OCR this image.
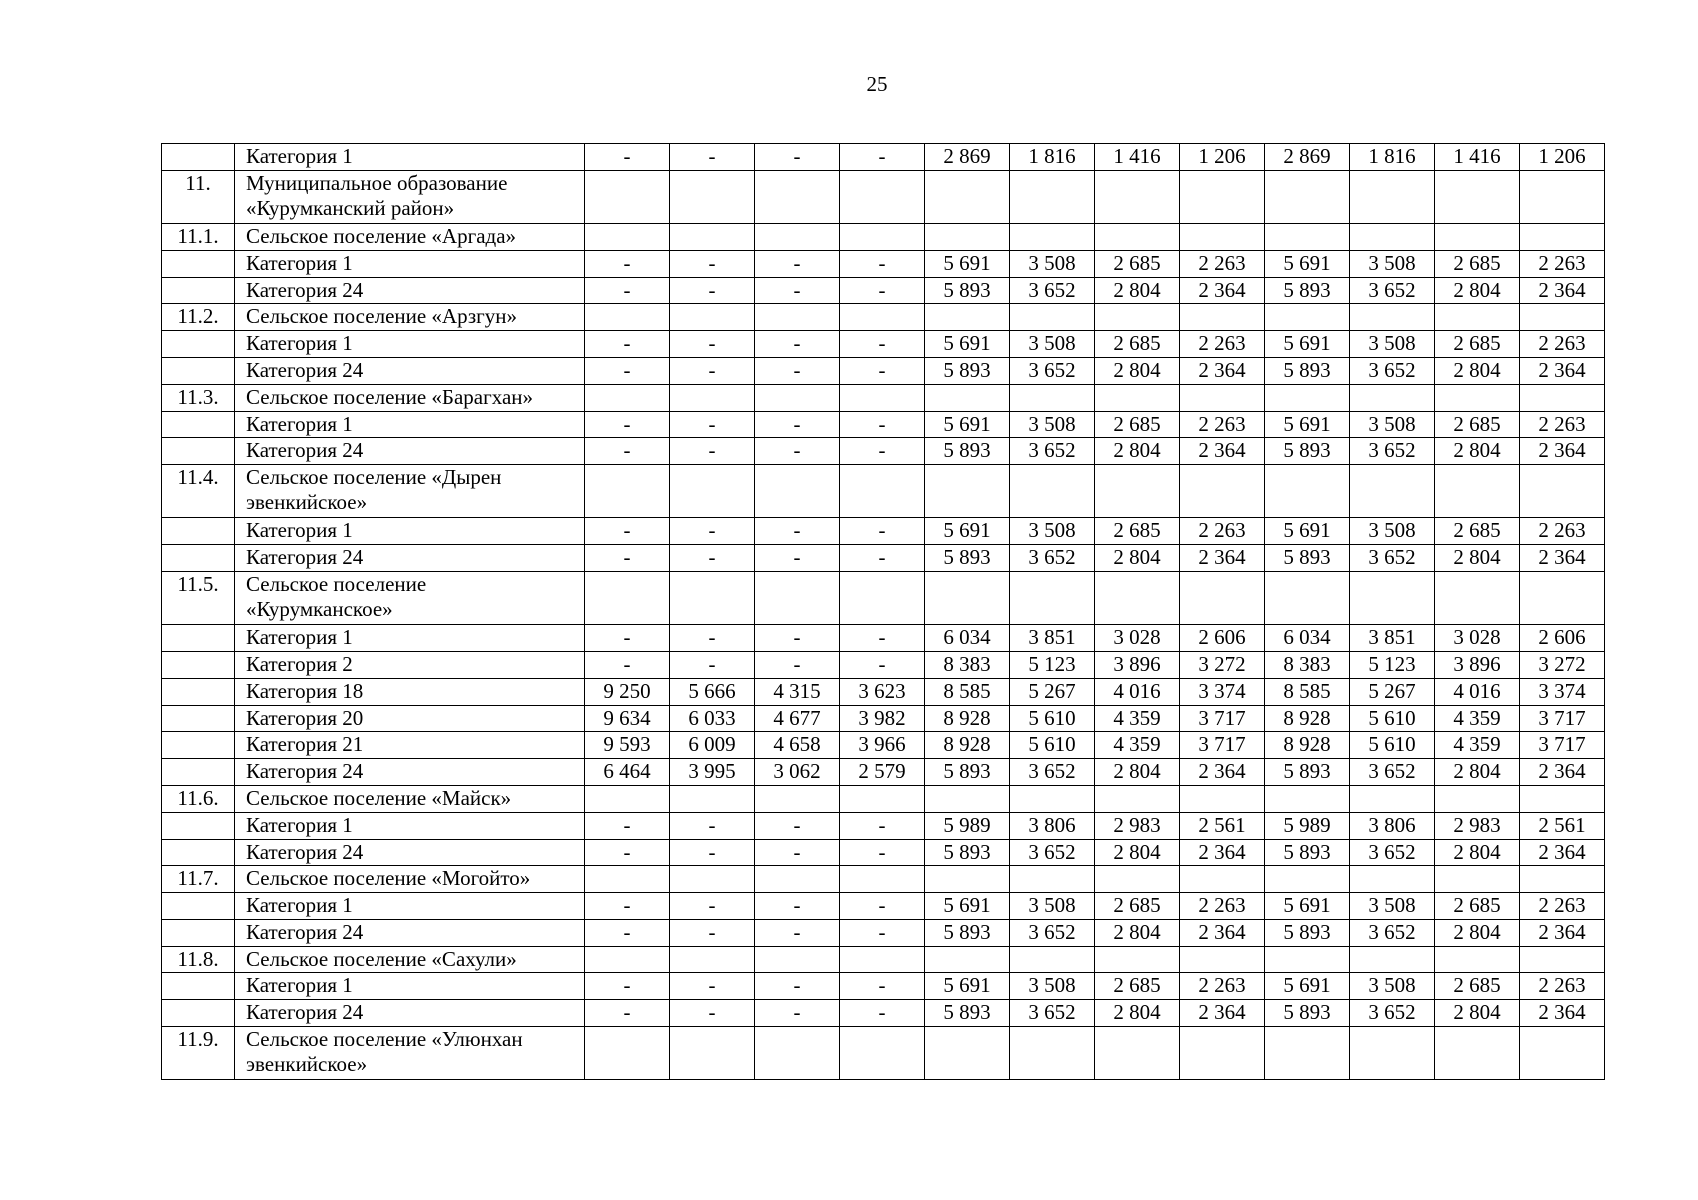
25
	Категория 1	-	-	-	-	2 869	1 816	1 416	1 206	2 869	1 816	1 416	1 206
11.	Муниципальное образование «Курумканский район»												
11.1.	Сельское поселение «Аргада»												
	Категория 1	-	-	-	-	5 691	3 508	2 685	2 263	5 691	3 508	2 685	2 263
	Категория 24	-	-	-	-	5 893	3 652	2 804	2 364	5 893	3 652	2 804	2 364
11.2.	Сельское поселение «Арзгун»												
	Категория 1	-	-	-	-	5 691	3 508	2 685	2 263	5 691	3 508	2 685	2 263
	Категория 24	-	-	-	-	5 893	3 652	2 804	2 364	5 893	3 652	2 804	2 364
11.3.	Сельское поселение «Барагхан»												
	Категория 1	-	-	-	-	5 691	3 508	2 685	2 263	5 691	3 508	2 685	2 263
	Категория 24	-	-	-	-	5 893	3 652	2 804	2 364	5 893	3 652	2 804	2 364
11.4.	Сельское поселение «Дырен эвенкийское»												
	Категория 1	-	-	-	-	5 691	3 508	2 685	2 263	5 691	3 508	2 685	2 263
	Категория 24	-	-	-	-	5 893	3 652	2 804	2 364	5 893	3 652	2 804	2 364
11.5.	Сельское поселение «Курумканское»												
	Категория 1	-	-	-	-	6 034	3 851	3 028	2 606	6 034	3 851	3 028	2 606
	Категория 2	-	-	-	-	8 383	5 123	3 896	3 272	8 383	5 123	3 896	3 272
	Категория 18	9 250	5 666	4 315	3 623	8 585	5 267	4 016	3 374	8 585	5 267	4 016	3 374
	Категория 20	9 634	6 033	4 677	3 982	8 928	5 610	4 359	3 717	8 928	5 610	4 359	3 717
	Категория 21	9 593	6 009	4 658	3 966	8 928	5 610	4 359	3 717	8 928	5 610	4 359	3 717
	Категория 24	6 464	3 995	3 062	2 579	5 893	3 652	2 804	2 364	5 893	3 652	2 804	2 364
11.6.	Сельское поселение «Майск»												
	Категория 1	-	-	-	-	5 989	3 806	2 983	2 561	5 989	3 806	2 983	2 561
	Категория 24	-	-	-	-	5 893	3 652	2 804	2 364	5 893	3 652	2 804	2 364
11.7.	Сельское поселение «Могойто»												
	Категория 1	-	-	-	-	5 691	3 508	2 685	2 263	5 691	3 508	2 685	2 263
	Категория 24	-	-	-	-	5 893	3 652	2 804	2 364	5 893	3 652	2 804	2 364
11.8.	Сельское поселение «Сахули»												
	Категория 1	-	-	-	-	5 691	3 508	2 685	2 263	5 691	3 508	2 685	2 263
	Категория 24	-	-	-	-	5 893	3 652	2 804	2 364	5 893	3 652	2 804	2 364
11.9.	Сельское поселение «Улюнхан эвенкийское»												
